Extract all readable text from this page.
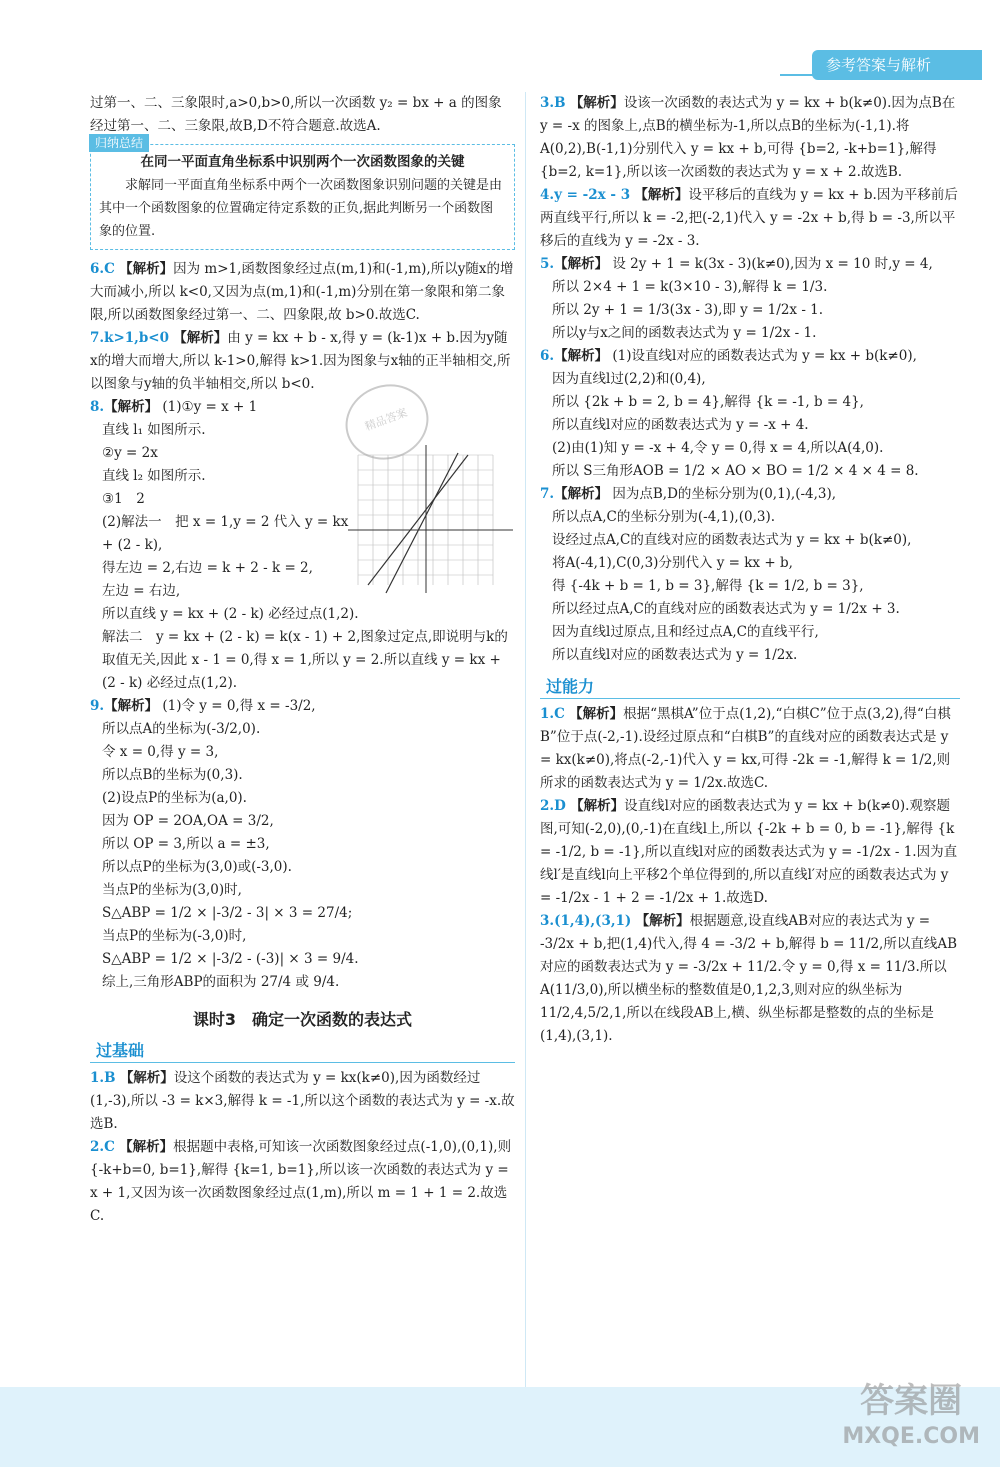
参考答案与解析

过第一、二、三象限时,a>0,b>0,所以一次函数 y₂ = bx + a 的图象经过第一、二、三象限,故B,D不符合题意.故选A.

归纳总结
在同一平面直角坐标系中识别两个一次函数图象的关键
求解同一平面直角坐标系中两个一次函数图象识别问题的关键是由其中一个函数图象的位置确定待定系数的正负,据此判断另一个函数图象的位置.

6.C 【解析】因为 m>1,函数图象经过点(m,1)和(-1,m),所以y随x的增大而减小,所以 k<0,又因为点(m,1)和(-1,m)分别在第一象限和第二象限,所以函数图象经过第一、二、四象限,故 b>0.故选C.

7.k>1,b<0 【解析】由 y = kx + b - x,得 y = (k-1)x + b.因为y随x的增大而增大,所以 k-1>0,解得 k>1.因为图象与x轴的正半轴相交,所以图象与y轴的负半轴相交,所以 b<0.

8.【解析】 (1)①y = x + 1

直线 l₁ 如图所示.

②y = 2x

直线 l₂ 如图所示.

③1　2

(2)解法一　把 x = 1,y = 2 代入 y = kx + (2 - k),

得左边 = 2,右边 = k + 2 - k = 2,

左边 = 右边,

所以直线 y = kx + (2 - k) 必经过点(1,2).

解法二　y = kx + (2 - k) = k(x - 1) + 2,图象过定点,即说明与k的取值无关,因此 x - 1 = 0,得 x = 1,所以 y = 2.所以直线 y = kx + (2 - k) 必经过点(1,2).

9.【解析】 (1)令 y = 0,得 x = -3/2,

所以点A的坐标为(-3/2,0).

令 x = 0,得 y = 3,

所以点B的坐标为(0,3).

(2)设点P的坐标为(a,0).

因为 OP = 2OA,OA = 3/2,

所以 OP = 3,所以 a = ±3,

所以点P的坐标为(3,0)或(-3,0).

当点P的坐标为(3,0)时,

S△ABP = 1/2 × |-3/2 - 3| × 3 = 27/4;

当点P的坐标为(-3,0)时,

S△ABP = 1/2 × |-3/2 - (-3)| × 3 = 9/4.

综上,三角形ABP的面积为 27/4 或 9/4.

课时3　确定一次函数的表达式
过基础

1.B 【解析】设这个函数的表达式为 y = kx(k≠0),因为函数经过(1,-3),所以 -3 = k×3,解得 k = -1,所以这个函数的表达式为 y = -x.故选B.

2.C 【解析】根据题中表格,可知该一次函数图象经过点(-1,0),(0,1),则 {-k+b=0, b=1},解得 {k=1, b=1},所以该一次函数的表达式为 y = x + 1,又因为该一次函数图象经过点(1,m),所以 m = 1 + 1 = 2.故选C.

3.B 【解析】设该一次函数的表达式为 y = kx + b(k≠0).因为点B在 y = -x 的图象上,点B的横坐标为-1,所以点B的坐标为(-1,1).将A(0,2),B(-1,1)分别代入 y = kx + b,可得 {b=2, -k+b=1},解得 {b=2, k=1},所以该一次函数的表达式为 y = x + 2.故选B.

4.y = -2x - 3 【解析】设平移后的直线为 y = kx + b.因为平移前后两直线平行,所以 k = -2,把(-2,1)代入 y = -2x + b,得 b = -3,所以平移后的直线为 y = -2x - 3.

5.【解析】 设 2y + 1 = k(3x - 3)(k≠0),因为 x = 10 时,y = 4,

所以 2×4 + 1 = k(3×10 - 3),解得 k = 1/3.

所以 2y + 1 = 1/3(3x - 3),即 y = 1/2x - 1.

所以y与x之间的函数表达式为 y = 1/2x - 1.

6.【解析】 (1)设直线l对应的函数表达式为 y = kx + b(k≠0),

因为直线l过(2,2)和(0,4),

所以 {2k + b = 2, b = 4},解得 {k = -1, b = 4},

所以直线l对应的函数表达式为 y = -x + 4.

(2)由(1)知 y = -x + 4,令 y = 0,得 x = 4,所以A(4,0).

所以 S三角形AOB = 1/2 × AO × BO = 1/2 × 4 × 4 = 8.

7.【解析】 因为点B,D的坐标分别为(0,1),(-4,3),

所以点A,C的坐标分别为(-4,1),(0,3).

设经过点A,C的直线对应的函数表达式为 y = kx + b(k≠0),

将A(-4,1),C(0,3)分别代入 y = kx + b,

得 {-4k + b = 1, b = 3},解得 {k = 1/2, b = 3},

所以经过点A,C的直线对应的函数表达式为 y = 1/2x + 3.

因为直线l过原点,且和经过点A,C的直线平行,

所以直线l对应的函数表达式为 y = 1/2x.

过能力

1.C 【解析】根据“黑棋A”位于点(1,2),“白棋C”位于点(3,2),得“白棋B”位于点(-2,-1).设经过原点和“白棋B”的直线对应的函数表达式是 y = kx(k≠0),将点(-2,-1)代入 y = kx,可得 -2k = -1,解得 k = 1/2,则所求的函数表达式为 y = 1/2x.故选C.

2.D 【解析】设直线l对应的函数表达式为 y = kx + b(k≠0).观察题图,可知(-2,0),(0,-1)在直线l上,所以 {-2k + b = 0, b = -1},解得 {k = -1/2, b = -1},所以直线l对应的函数表达式为 y = -1/2x - 1.因为直线l′是直线l向上平移2个单位得到的,所以直线l′对应的函数表达式为 y = -1/2x - 1 + 2 = -1/2x + 1.故选D.

3.(1,4),(3,1) 【解析】根据题意,设直线AB对应的表达式为 y = -3/2x + b,把(1,4)代入,得 4 = -3/2 + b,解得 b = 11/2,所以直线AB对应的函数表达式为 y = -3/2x + 11/2.令 y = 0,得 x = 11/3.所以A(11/3,0),所以横坐标的整数值是0,1,2,3,则对应的纵坐标为 11/2,4,5/2,1,所以在线段AB上,横、纵坐标都是整数的点的坐标是(1,4),(3,1).

精品答案
答案圈
MXQE.COM
